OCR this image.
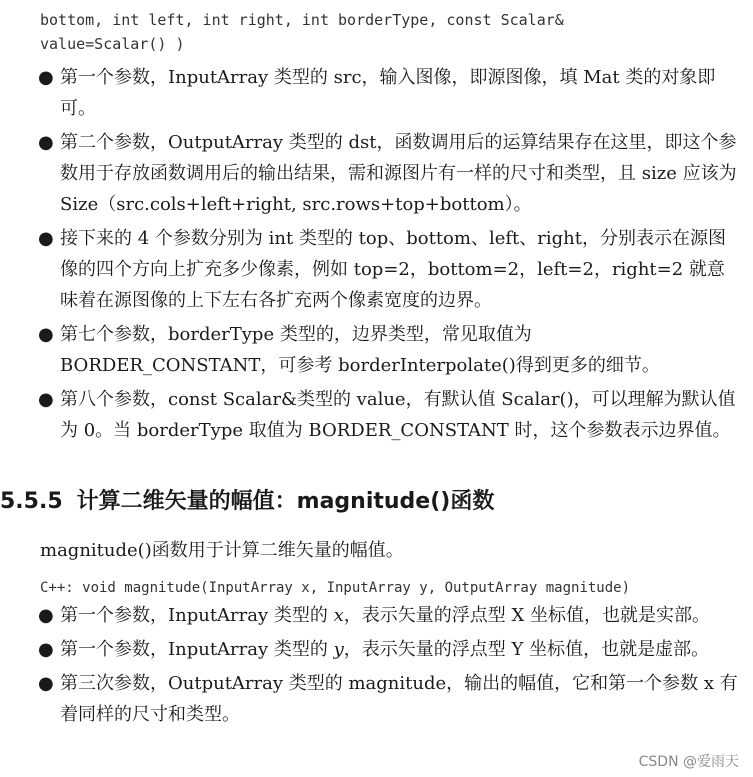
bottom, int left, int right, int borderType, const Scalar&

value=Scalar() )

● 第一个参数，InputArray 类型的 src，输入图像，即源图像，填 Mat 类的对象即可。
● 第二个参数，OutputArray 类型的 dst，函数调用后的运算结果存在这里，即这个参数用于存放函数调用后的输出结果，需和源图片有一样的尺寸和类型，且 size 应该为 Size（src.cols+left+right, src.rows+top+bottom）。
● 接下来的 4 个参数分别为 int 类型的 top、bottom、left、right，分别表示在源图像的四个方向上扩充多少像素，例如 top=2，bottom=2，left=2，right=2 就意味着在源图像的上下左右各扩充两个像素宽度的边界。
● 第七个参数，borderType 类型的，边界类型，常见取值为 BORDER_CONSTANT，可参考 borderInterpolate()得到更多的细节。
● 第八个参数，const Scalar&类型的 value，有默认值 Scalar()，可以理解为默认值为 0。当 borderType 取值为 BORDER_CONSTANT 时，这个参数表示边界值。
5.5.5 计算二维矢量的幅值：magnitude()函数

magnitude()函数用于计算二维矢量的幅值。

C++: void magnitude(InputArray x, InputArray y, OutputArray magnitude)
● 第一个参数，InputArray 类型的 x，表示矢量的浮点型 X 坐标值，也就是实部。
● 第一个参数，InputArray 类型的 y，表示矢量的浮点型 Y 坐标值，也就是虚部。
● 第三次参数，OutputArray 类型的 magnitude，输出的幅值，它和第一个参数 x 有着同样的尺寸和类型。
CSDN @爱雨天
